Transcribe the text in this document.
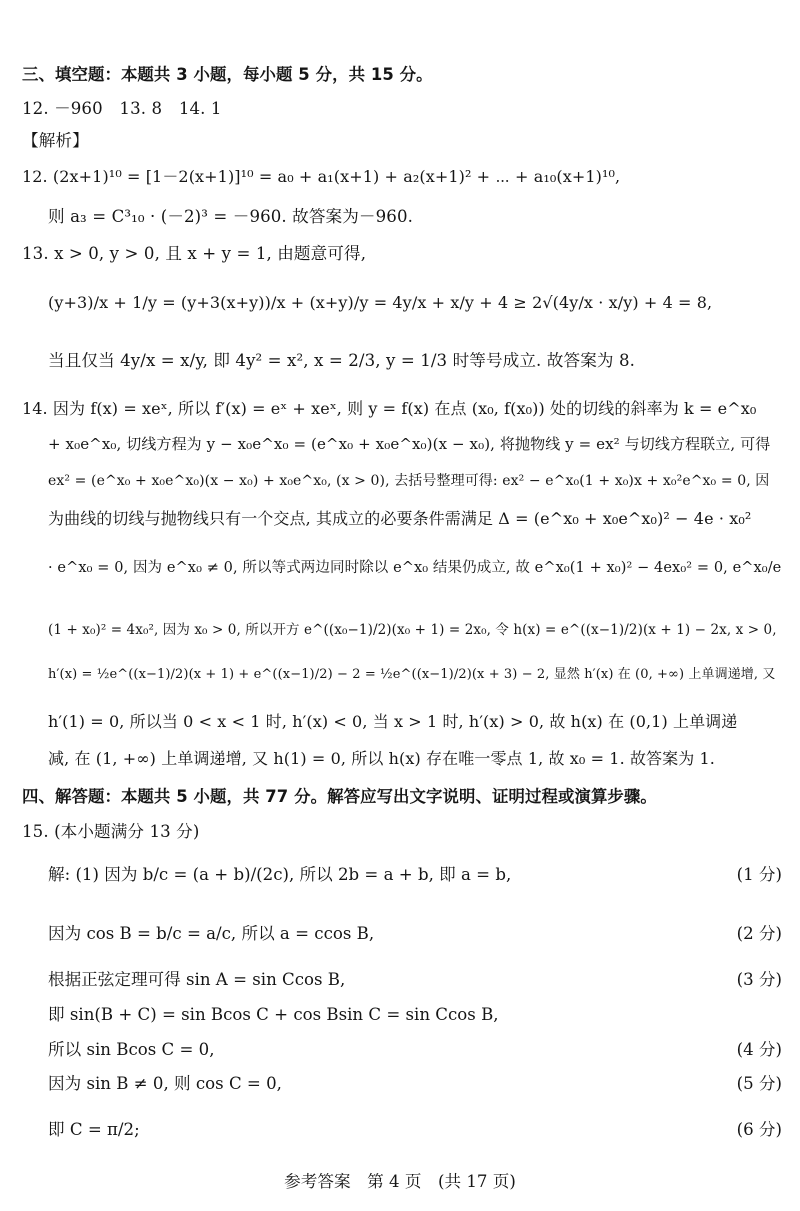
三、填空题：本题共 3 小题，每小题 5 分，共 15 分。
12. －960　13. 8　14. 1
【解析】
12. (2x+1)¹⁰ = [1－2(x+1)]¹⁰ = a₀ + a₁(x+1) + a₂(x+1)² + ⋯ + a₁₀(x+1)¹⁰,
则 a₃ = C³₁₀ · (－2)³ = －960. 故答案为－960.
13. x > 0, y > 0, 且 x + y = 1, 由题意可得,
(y+3)/x + 1/y = (y+3(x+y))/x + (x+y)/y = 4y/x + x/y + 4 ≥ 2√(4y/x · x/y) + 4 = 8,
当且仅当 4y/x = x/y, 即 4y² = x², x = 2/3, y = 1/3 时等号成立. 故答案为 8.
14. 因为 f(x) = xeˣ, 所以 f′(x) = eˣ + xeˣ, 则 y = f(x) 在点 (x₀, f(x₀)) 处的切线的斜率为 k = e^x₀
+ x₀e^x₀, 切线方程为 y − x₀e^x₀ = (e^x₀ + x₀e^x₀)(x − x₀), 将抛物线 y = ex² 与切线方程联立, 可得
ex² = (e^x₀ + x₀e^x₀)(x − x₀) + x₀e^x₀, (x > 0), 去括号整理可得: ex² − e^x₀(1 + x₀)x + x₀²e^x₀ = 0, 因
为曲线的切线与抛物线只有一个交点, 其成立的必要条件需满足 Δ = (e^x₀ + x₀e^x₀)² − 4e · x₀²
· e^x₀ = 0, 因为 e^x₀ ≠ 0, 所以等式两边同时除以 e^x₀ 结果仍成立, 故 e^x₀(1 + x₀)² − 4ex₀² = 0, e^x₀/e
(1 + x₀)² = 4x₀², 因为 x₀ > 0, 所以开方 e^((x₀−1)/2)(x₀ + 1) = 2x₀, 令 h(x) = e^((x−1)/2)(x + 1) − 2x, x > 0,
h′(x) = ½e^((x−1)/2)(x + 1) + e^((x−1)/2) − 2 = ½e^((x−1)/2)(x + 3) − 2, 显然 h′(x) 在 (0, +∞) 上单调递增, 又
h′(1) = 0, 所以当 0 < x < 1 时, h′(x) < 0, 当 x > 1 时, h′(x) > 0, 故 h(x) 在 (0,1) 上单调递
减, 在 (1, +∞) 上单调递增, 又 h(1) = 0, 所以 h(x) 存在唯一零点 1, 故 x₀ = 1. 故答案为 1.
四、解答题：本题共 5 小题，共 77 分。解答应写出文字说明、证明过程或演算步骤。
15. (本小题满分 13 分)
解: (1) 因为 b/c = (a + b)/(2c), 所以 2b = a + b, 即 a = b,	(1 分)
因为 cos B = b/c = a/c, 所以 a = ccos B,	(2 分)
根据正弦定理可得 sin A = sin Ccos B,	(3 分)
即 sin(B + C) = sin Bcos C + cos Bsin C = sin Ccos B,
所以 sin Bcos C = 0,	(4 分)
因为 sin B ≠ 0, 则 cos C = 0,	(5 分)
即 C = π/2;	(6 分)
参考答案　第 4 页　(共 17 页)
